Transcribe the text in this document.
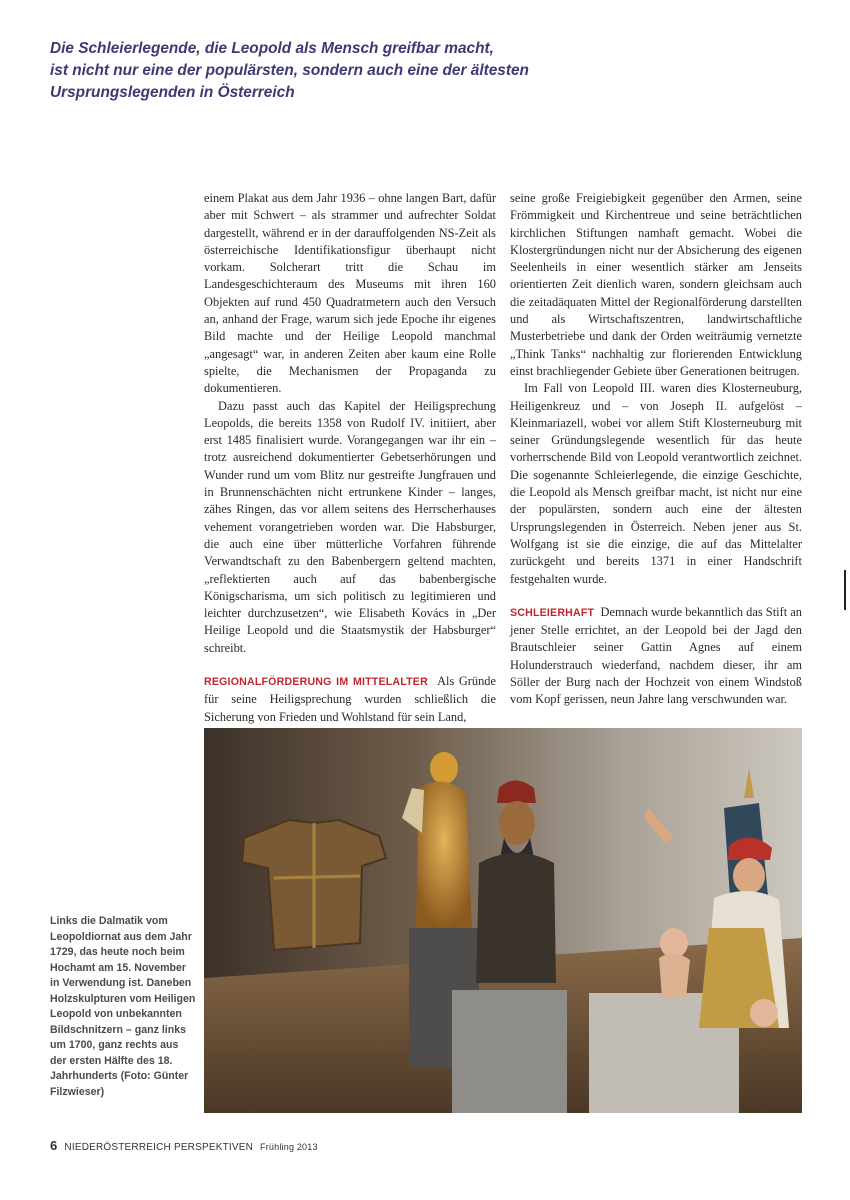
Die Schleierlegende, die Leopold als Mensch greifbar macht,
ist nicht nur eine der populärsten, sondern auch eine der ältesten
Ursprungslegenden in Österreich

einem Plakat aus dem Jahr 1936 – ohne langen Bart, dafür aber mit Schwert – als strammer und aufrechter Soldat dargestellt, während er in der darauffolgenden NS-Zeit als österreichische Identifikationsfigur überhaupt nicht vorkam. Solcherart tritt die Schau im Landesgeschichteraum des Museums mit ihren 160 Objekten auf rund 450 Quadratmetern auch den Versuch an, anhand der Frage, warum sich jede Epoche ihr eigenes Bild machte und der Heilige Leopold manchmal „angesagt“ war, in anderen Zeiten aber kaum eine Rolle spielte, die Mechanismen der Propaganda zu dokumentieren.

Dazu passt auch das Kapitel der Heiligsprechung Leopolds, die bereits 1358 von Rudolf IV. initiiert, aber erst 1485 finalisiert wurde. Vorangegangen war ihr ein – trotz ausreichend dokumentierter Gebetserhörungen und Wunder rund um vom Blitz nur gestreifte Jungfrauen und in Brunnenschächten nicht ertrunkene Kinder – langes, zähes Ringen, das vor allem seitens des Herrscherhauses vehement vorangetrieben worden war. Die Habsburger, die auch eine über mütterliche Vorfahren führende Verwandtschaft zu den Babenbergern geltend machten, „reflektierten auch auf das babenbergische Königscharisma, um sich politisch zu legitimieren und leichter durchzusetzen“, wie Elisabeth Kovács in „Der Heilige Leopold und die Staatsmystik der Habsburger“ schreibt.

REGIONALFÖRDERUNG IM MITTELALTER Als Gründe für seine Heiligsprechung wurden schließlich die Sicherung von Frieden und Wohlstand für sein Land,

seine große Freigiebigkeit gegenüber den Armen, seine Frömmigkeit und Kirchentreue und seine beträchtlichen kirchlichen Stiftungen namhaft gemacht. Wobei die Klostergründungen nicht nur der Absicherung des eigenen Seelenheils in einer wesentlich stärker am Jenseits orientierten Zeit dienlich waren, sondern gleichsam auch die zeitadäquaten Mittel der Regionalförderung darstellten und als Wirtschaftszentren, landwirtschaftliche Musterbetriebe und dank der Orden weiträumig vernetzte „Think Tanks“ nachhaltig zur florierenden Entwicklung einst brachliegender Gebiete über Generationen beitrugen.

Im Fall von Leopold III. waren dies Klosterneuburg, Heiligenkreuz und – von Joseph II. aufgelöst – Kleinmariazell, wobei vor allem Stift Klosterneuburg mit seiner Gründungslegende wesentlich für das heute vorherrschende Bild von Leopold verantwortlich zeichnet. Die sogenannte Schleierlegende, die einzige Geschichte, die Leopold als Mensch greifbar macht, ist nicht nur eine der populärsten, sondern auch eine der ältesten Ursprungslegenden in Österreich. Neben jener aus St. Wolfgang ist sie die einzige, die auf das Mittelalter zurückgeht und bereits 1371 in einer Handschrift festgehalten wurde.

SCHLEIERHAFT Demnach wurde bekanntlich das Stift an jener Stelle errichtet, an der Leopold bei der Jagd den Brautschleier seiner Gattin Agnes auf einem Holunderstrauch wiederfand, nachdem dieser, ihr am Söller der Burg nach der Hochzeit von einem Windstoß vom Kopf gerissen, neun Jahre lang verschwunden war.

Links die Dalmatik vom Leopoldiornat aus dem Jahr 1729, das heute noch beim Hochamt am 15. November in Verwendung ist. Daneben Holzskulpturen vom Heiligen Leopold von unbekannten Bildschnitzern – ganz links um 1700, ganz rechts aus der ersten Hälfte des 18. Jahrhunderts (Foto: Günter Filzwieser)

6 NIEDERÖSTERREICH PERSPEKTIVEN Frühling 2013
